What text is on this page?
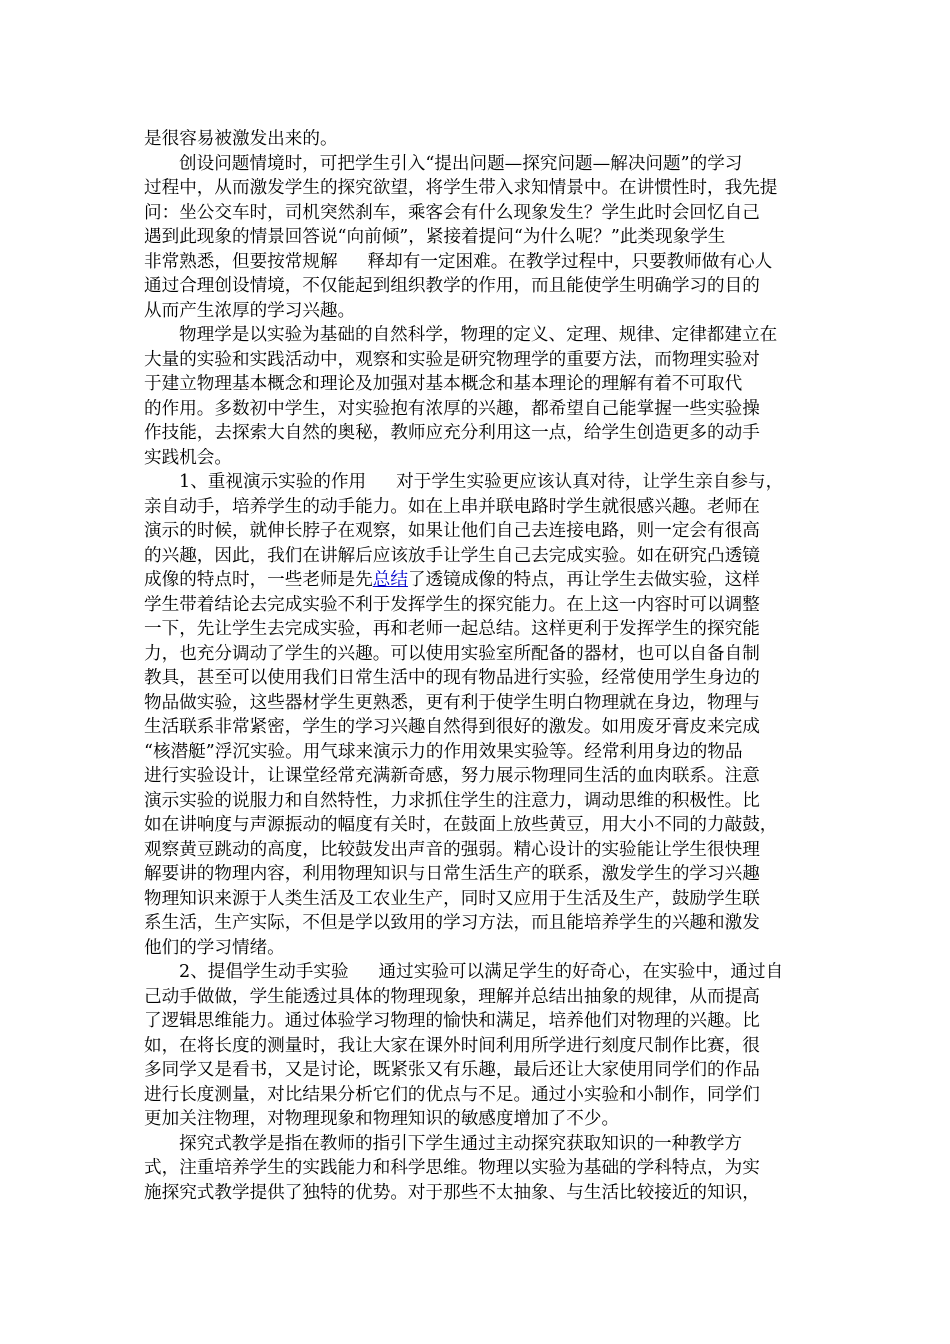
是很容易被激发出来的。
创设问题情境时，可把学生引入“提出问题—探究问题—解决问题”的学习
过程中，从而激发学生的探究欲望，将学生带入求知情景中。在讲惯性时，我先提
问：坐公交车时，司机突然刹车，乘客会有什么现象发生？学生此时会回忆自己
遇到此现象的情景回答说“向前倾”，紧接着提问“为什么呢？”此类现象学生
非常熟悉，但要按常规解 释却有一定困难。在教学过程中，只要教师做有心人
通过合理创设情境，不仅能起到组织教学的作用，而且能使学生明确学习的目的
从而产生浓厚的学习兴趣。
物理学是以实验为基础的自然科学，物理的定义、定理、规律、定律都建立在
大量的实验和实践活动中，观察和实验是研究物理学的重要方法，而物理实验对
于建立物理基本概念和理论及加强对基本概念和基本理论的理解有着不可取代
的作用。多数初中学生，对实验抱有浓厚的兴趣，都希望自己能掌握一些实验操
作技能，去探索大自然的奥秘，教师应充分利用这一点，给学生创造更多的动手
实践机会。
1、重视演示实验的作用 对于学生实验更应该认真对待，让学生亲自参与，
亲自动手，培养学生的动手能力。如在上串并联电路时学生就很感兴趣。老师在
演示的时候，就伸长脖子在观察，如果让他们自己去连接电路，则一定会有很高
的兴趣，因此，我们在讲解后应该放手让学生自己去完成实验。如在研究凸透镜
成像的特点时，一些老师是先总结了透镜成像的特点，再让学生去做实验，这样
学生带着结论去完成实验不利于发挥学生的探究能力。在上这一内容时可以调整
一下，先让学生去完成实验，再和老师一起总结。这样更利于发挥学生的探究能
力，也充分调动了学生的兴趣。可以使用实验室所配备的器材，也可以自备自制
教具，甚至可以使用我们日常生活中的现有物品进行实验，经常使用学生身边的
物品做实验，这些器材学生更熟悉，更有利于使学生明白物理就在身边，物理与
生活联系非常紧密，学生的学习兴趣自然得到很好的激发。如用废牙膏皮来完成
“核潜艇”浮沉实验。用气球来演示力的作用效果实验等。经常利用身边的物品
进行实验设计，让课堂经常充满新奇感，努力展示物理同生活的血肉联系。注意
演示实验的说服力和自然特性，力求抓住学生的注意力，调动思维的积极性。比
如在讲响度与声源振动的幅度有关时，在鼓面上放些黄豆，用大小不同的力敲鼓，
观察黄豆跳动的高度，比较鼓发出声音的强弱。精心设计的实验能让学生很快理
解要讲的物理内容，利用物理知识与日常生活生产的联系，激发学生的学习兴趣
物理知识来源于人类生活及工农业生产，同时又应用于生活及生产，鼓励学生联
系生活，生产实际，不但是学以致用的学习方法，而且能培养学生的兴趣和激发
他们的学习情绪。
2、提倡学生动手实验 通过实验可以满足学生的好奇心，在实验中，通过自
己动手做做，学生能透过具体的物理现象，理解并总结出抽象的规律，从而提高
了逻辑思维能力。通过体验学习物理的愉快和满足，培养他们对物理的兴趣。比
如，在将长度的测量时，我让大家在课外时间利用所学进行刻度尺制作比赛，很
多同学又是看书，又是讨论，既紧张又有乐趣，最后还让大家使用同学们的作品
进行长度测量，对比结果分析它们的优点与不足。通过小实验和小制作，同学们
更加关注物理，对物理现象和物理知识的敏感度增加了不少。
探究式教学是指在教师的指引下学生通过主动探究获取知识的一种教学方
式，注重培养学生的实践能力和科学思维。物理以实验为基础的学科特点，为实
施探究式教学提供了独特的优势。对于那些不太抽象、与生活比较接近的知识，
